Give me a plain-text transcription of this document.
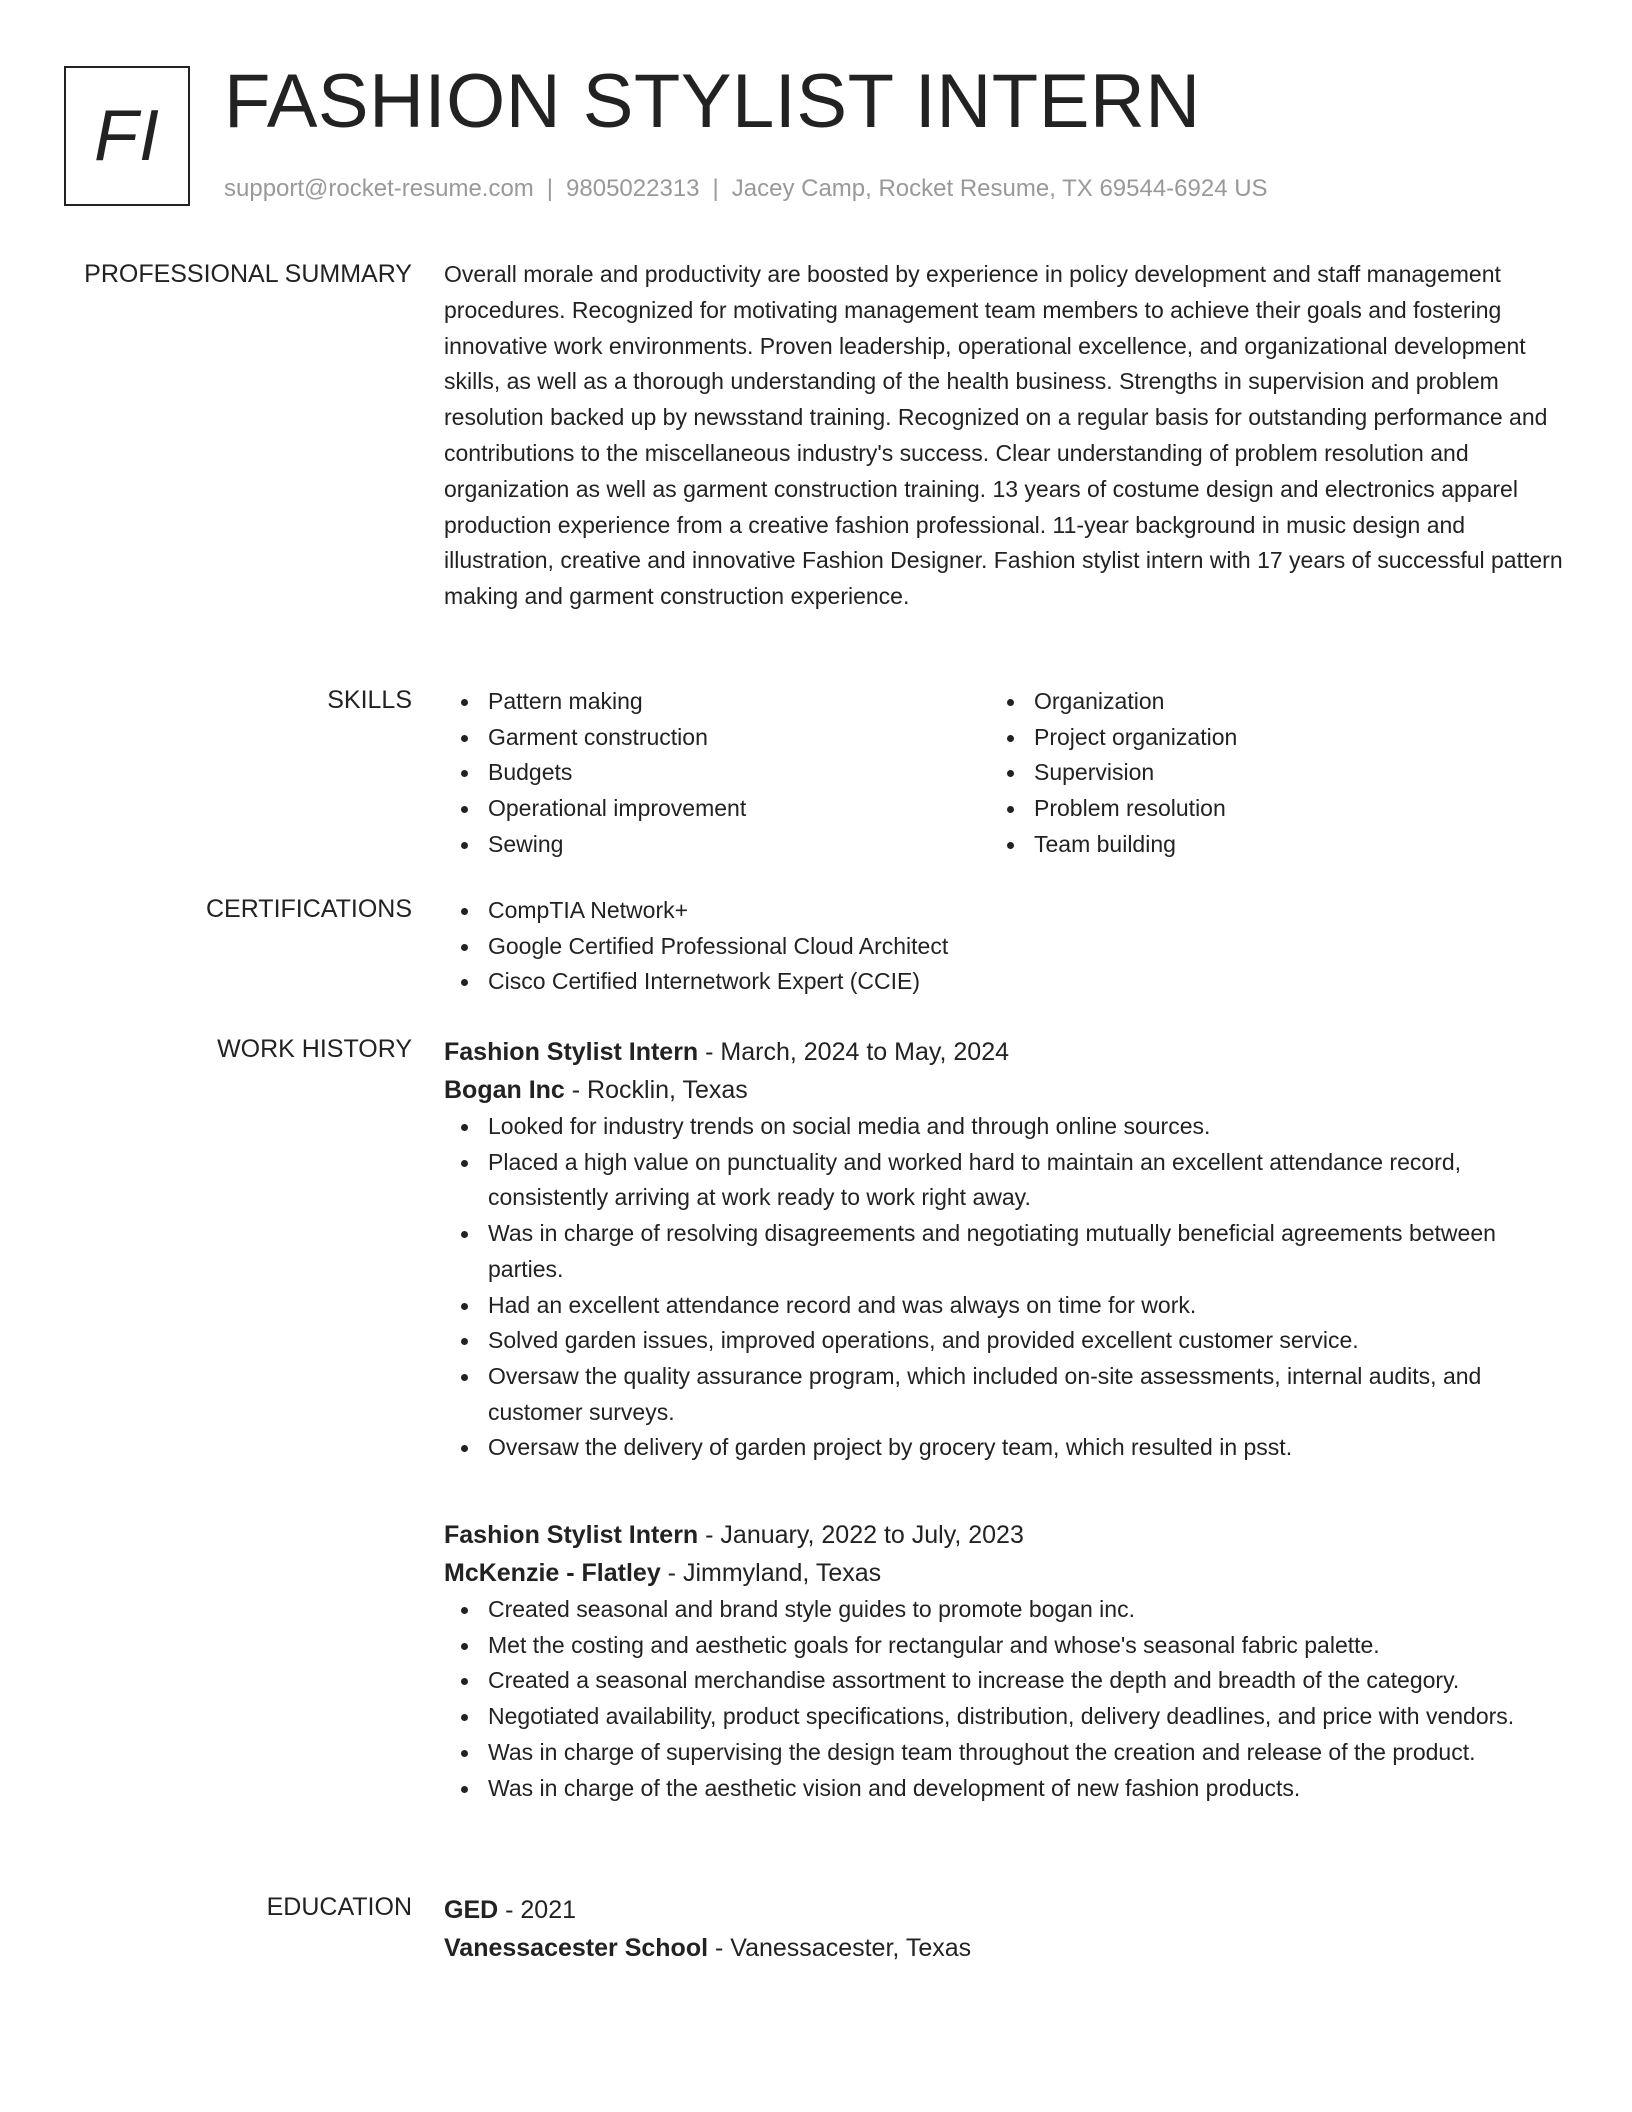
FI FASHION STYLIST INTERN
support@rocket-resume.com | 9805022313 | Jacey Camp, Rocket Resume, TX 69544-6924 US
PROFESSIONAL SUMMARY Overall morale and productivity are boosted by experience in policy development and staff management procedures. Recognized for motivating management team members to achieve their goals and fostering innovative work environments. Proven leadership, operational excellence, and organizational development skills, as well as a thorough understanding of the health business. Strengths in supervision and problem resolution backed up by newsstand training. Recognized on a regular basis for outstanding performance and contributions to the miscellaneous industry's success. Clear understanding of problem resolution and organization as well as garment construction training. 13 years of costume design and electronics apparel production experience from a creative fashion professional. 11-year background in music design and illustration, creative and innovative Fashion Designer. Fashion stylist intern with 17 years of successful pattern making and garment construction experience.

SKILLS	Pattern making
Garment construction
Budgets
Operational improvement
Sewing
Organization
Project organization
Supervision
Problem resolution
Team building
CERTIFICATIONS	CompTIA Network+
Google Certified Professional Cloud Architect
Cisco Certified Internetwork Expert (CCIE)
WORK HISTORY Fashion Stylist Intern - March, 2024 to May, 2024
Bogan Inc - Rocklin, Texas
Looked for industry trends on social media and through online sources.
Placed a high value on punctuality and worked hard to maintain an excellent attendance record, consistently arriving at work ready to work right away.
Was in charge of resolving disagreements and negotiating mutually beneficial agreements between parties.
Had an excellent attendance record and was always on time for work.
Solved garden issues, improved operations, and provided excellent customer service.
Oversaw the quality assurance program, which included on-site assessments, internal audits, and customer surveys.
Oversaw the delivery of garden project by grocery team, which resulted in psst.
Fashion Stylist Intern - January, 2022 to July, 2023
McKenzie - Flatley - Jimmyland, Texas
Created seasonal and brand style guides to promote bogan inc.
Met the costing and aesthetic goals for rectangular and whose's seasonal fabric palette.
Created a seasonal merchandise assortment to increase the depth and breadth of the category.
Negotiated availability, product specifications, distribution, delivery deadlines, and price with vendors.
Was in charge of supervising the design team throughout the creation and release of the product.
Was in charge of the aesthetic vision and development of new fashion products.
EDUCATION GED - 2021
Vanessacester School - Vanessacester, Texas
